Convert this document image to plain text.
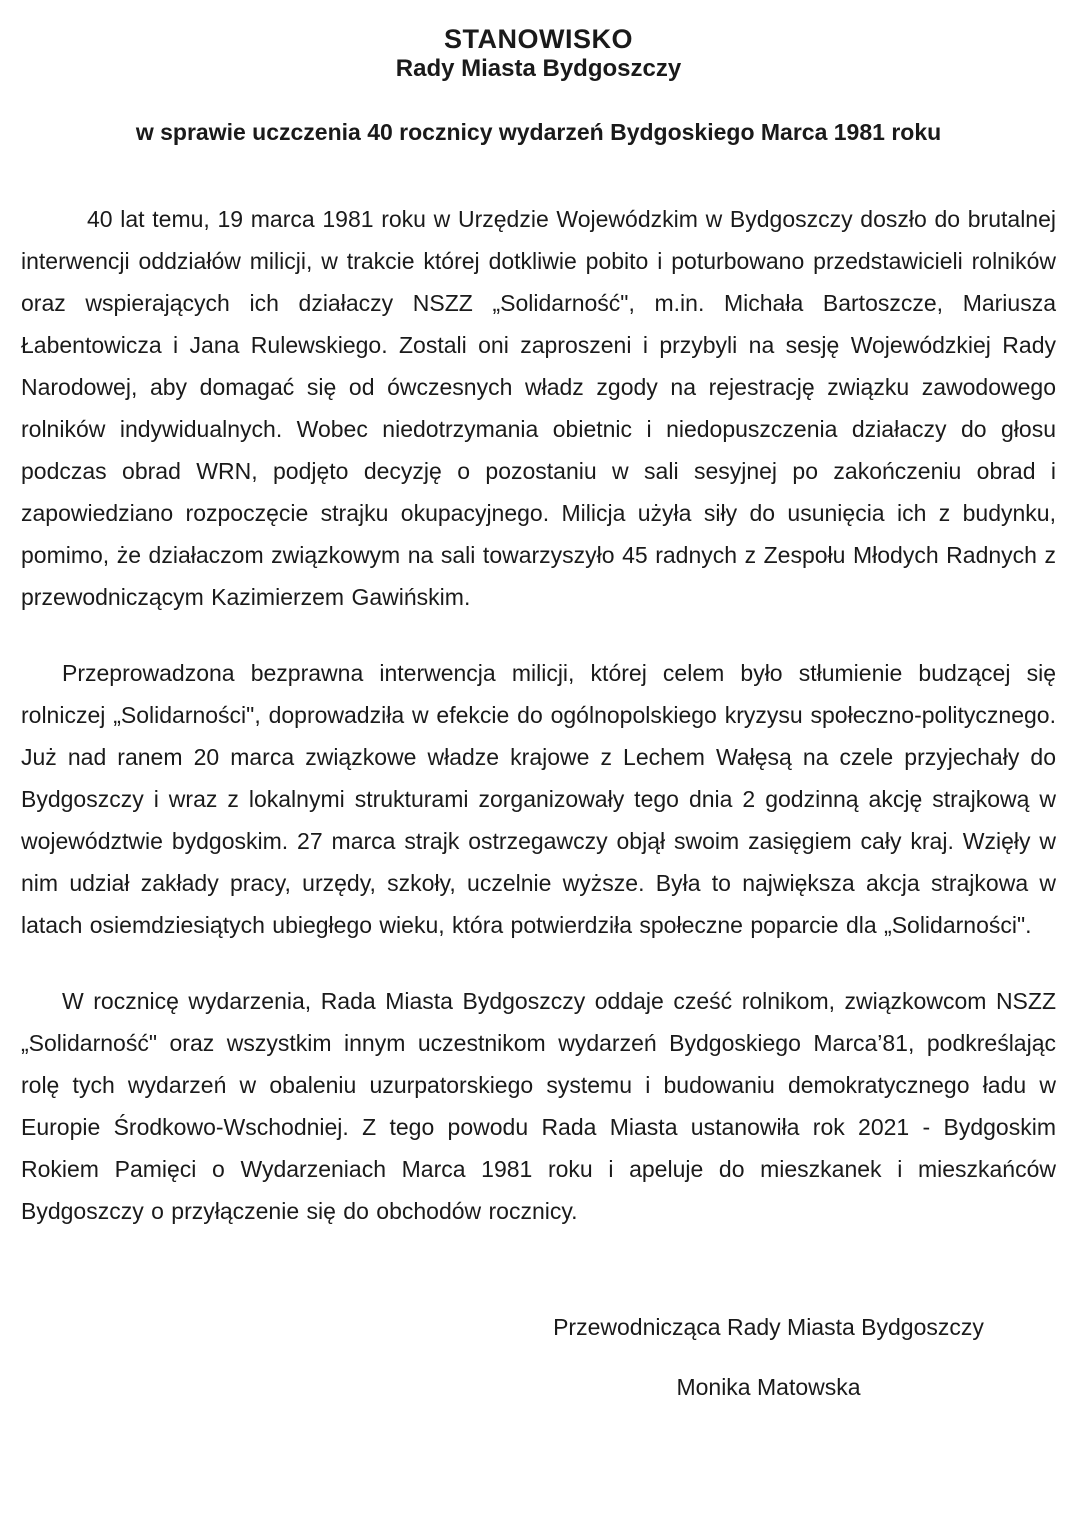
STANOWISKO
Rady Miasta Bydgoszczy
w sprawie uczczenia 40 rocznicy wydarzeń Bydgoskiego Marca 1981 roku

40 lat temu, 19 marca 1981 roku w Urzędzie Wojewódzkim w Bydgoszczy doszło do brutalnej interwencji oddziałów milicji, w trakcie której dotkliwie pobito i poturbowano przedstawicieli rolników oraz wspierających ich działaczy NSZZ „Solidarność", m.in. Michała Bartoszcze, Mariusza Łabentowicza i Jana Rulewskiego. Zostali oni zaproszeni i przybyli na sesję Wojewódzkiej Rady Narodowej, aby domagać się od ówczesnych władz zgody na rejestrację związku zawodowego rolników indywidualnych. Wobec niedotrzymania obietnic i niedopuszczenia działaczy do głosu podczas obrad WRN, podjęto decyzję o pozostaniu w sali sesyjnej po zakończeniu obrad i zapowiedziano rozpoczęcie strajku okupacyjnego. Milicja użyła siły do usunięcia ich z budynku, pomimo, że działaczom związkowym na sali towarzyszyło 45 radnych z Zespołu Młodych Radnych z przewodniczącym Kazimierzem Gawińskim.

Przeprowadzona bezprawna interwencja milicji, której celem było stłumienie budzącej się rolniczej „Solidarności", doprowadziła w efekcie do ogólnopolskiego kryzysu społeczno-politycznego. Już nad ranem 20 marca związkowe władze krajowe z Lechem Wałęsą na czele przyjechały do Bydgoszczy i wraz z lokalnymi strukturami zorganizowały tego dnia 2 godzinną akcję strajkową w województwie bydgoskim. 27 marca strajk ostrzegawczy objął swoim zasięgiem cały kraj. Wzięły w nim udział zakłady pracy, urzędy, szkoły, uczelnie wyższe. Była to największa akcja strajkowa w latach osiemdziesiątych ubiegłego wieku, która potwierdziła społeczne poparcie dla „Solidarności".

W rocznicę wydarzenia, Rada Miasta Bydgoszczy oddaje cześć rolnikom, związkowcom NSZZ „Solidarność" oraz wszystkim innym uczestnikom wydarzeń Bydgoskiego Marca’81, podkreślając rolę tych wydarzeń w obaleniu uzurpatorskiego systemu i budowaniu demokratycznego ładu w Europie Środkowo-Wschodniej. Z tego powodu Rada Miasta ustanowiła rok 2021 - Bydgoskim Rokiem Pamięci o Wydarzeniach Marca 1981 roku i apeluje do mieszkanek i mieszkańców Bydgoszczy o przyłączenie się do obchodów rocznicy.

Przewodnicząca Rady Miasta Bydgoszczy
Monika Matowska
